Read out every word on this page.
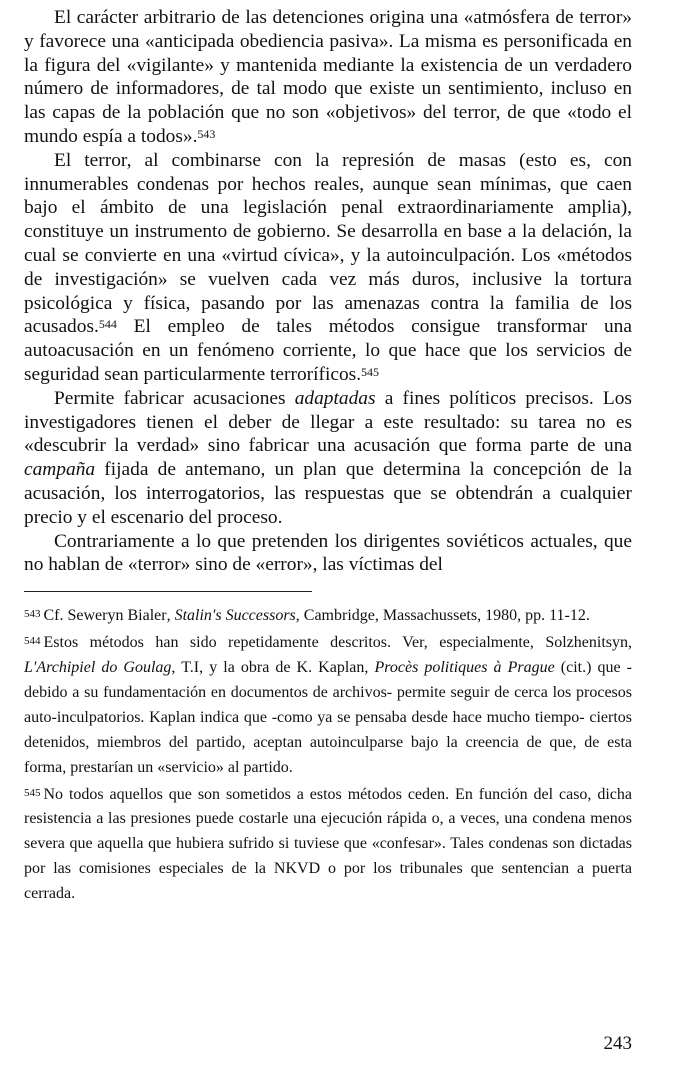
El carácter arbitrario de las detenciones origina una «atmósfera de terror» y favorece una «anticipada obediencia pasiva». La misma es personificada en la figura del «vigilante» y mantenida mediante la existencia de un verdadero número de informadores, de tal modo que existe un sentimiento, incluso en las capas de la población que no son «objetivos» del terror, de que «todo el mundo espía a todos».$^{543}$

El terror, al combinarse con la represión de masas (esto es, con innumerables condenas por hechos reales, aunque sean mínimas, que caen bajo el ámbito de una legislación penal extraordinariamente amplia), constituye un instrumento de gobierno. Se desarrolla en base a la delación, la cual se convierte en una «virtud cívica», y la autoinculpación. Los «métodos de investigación» se vuelven cada vez más duros, inclusive la tortura psicológica y física, pasando por las amenazas contra la familia de los acusados.$^{544}$ El empleo de tales métodos consigue transformar una autoacusación en un fenómeno corriente, lo que hace que los servicios de seguridad sean particularmente terroríficos.$^{545}$

Permite fabricar acusaciones adaptadas a fines políticos precisos. Los investigadores tienen el deber de llegar a este resultado: su tarea no es «descubrir la verdad» sino fabricar una acusación que forma parte de una campaña fijada de antemano, un plan que determina la concepción de la acusación, los interrogatorios, las respuestas que se obtendrán a cualquier precio y el escenario del proceso.

Contrariamente a lo que pretenden los dirigentes soviéticos actuales, que no hablan de «terror» sino de «error», las víctimas del

543 Cf. Seweryn Bialer, Stalin's Successors, Cambridge, Massachussets, 1980, pp. 11-12.

544 Estos métodos han sido repetidamente descritos. Ver, especialmente, Solzhenitsyn, L'Archipiel do Goulag, T.I, y la obra de K. Kaplan, Procès politiques à Prague (cit.) que - debido a su fundamentación en documentos de archivos- permite seguir de cerca los procesos auto-inculpatorios. Kaplan indica que -como ya se pensaba desde hace mucho tiempo- ciertos detenidos, miembros del partido, aceptan autoinculparse bajo la creencia de que, de esta forma, prestarían un «servicio» al partido.

545 No todos aquellos que son sometidos a estos métodos ceden. En función del caso, dicha resistencia a las presiones puede costarle una ejecución rápida o, a veces, una condena menos severa que aquella que hubiera sufrido si tuviese que «confesar». Tales condenas son dictadas por las comisiones especiales de la NKVD o por los tribunales que sentencian a puerta cerrada.

243
